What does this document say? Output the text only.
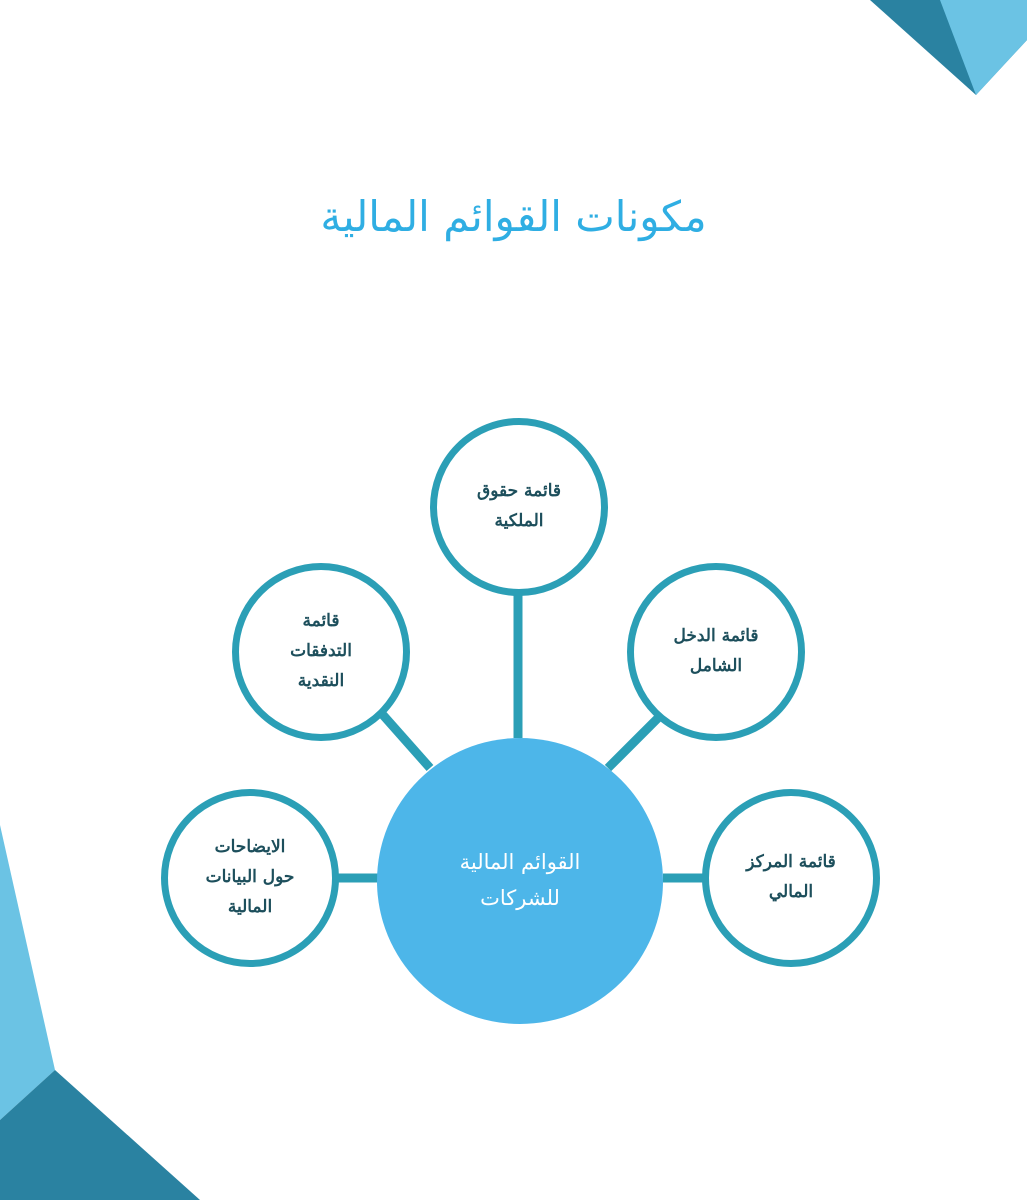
مكونات القوائم المالية
قائمة حقوق
الملكية
قائمة
التدفقات
النقدية
قائمة الدخل
الشامل
الايضاحات
حول البيانات
المالية
قائمة المركز
المالي
القوائم المالية
للشركات
